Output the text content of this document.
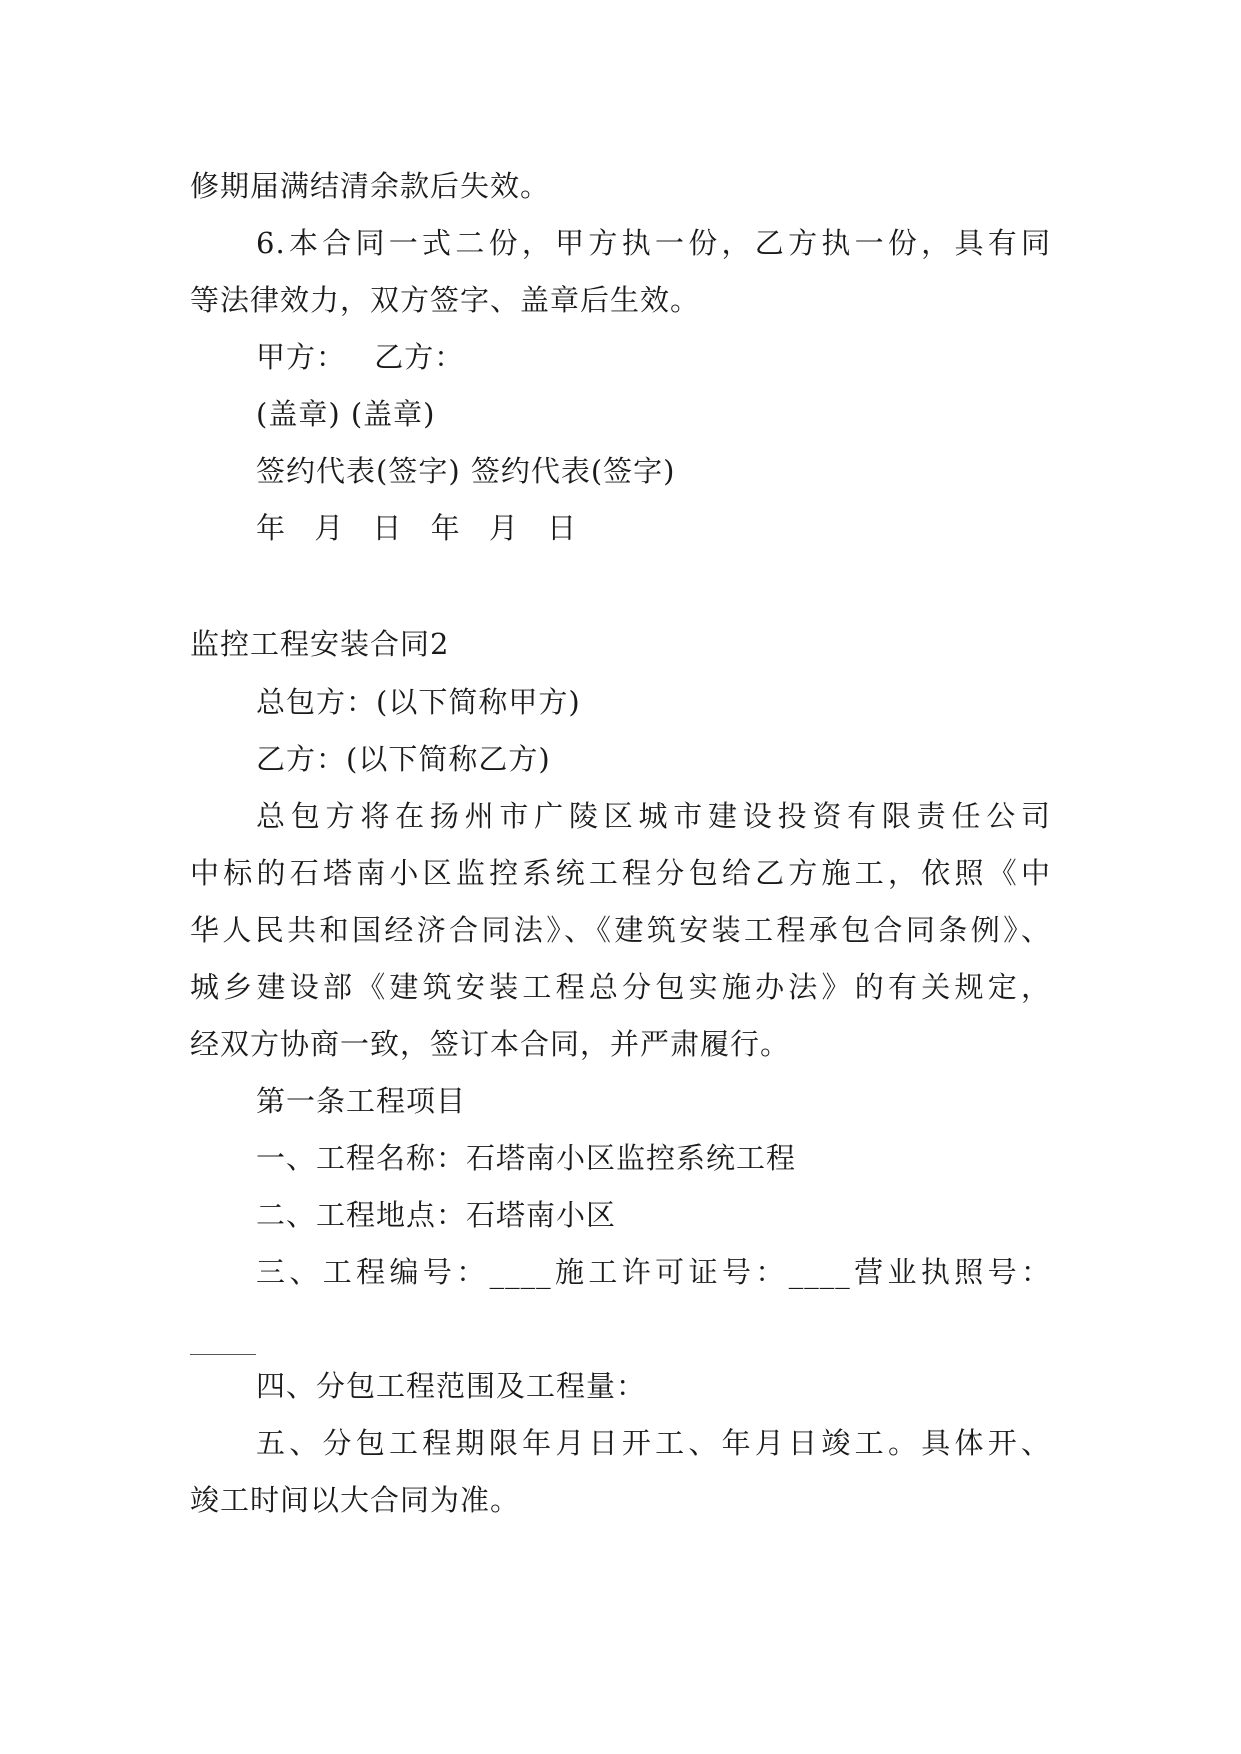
修期届满结清余款后失效。
6.本合同一式二份，甲方执一份，乙方执一份，具有同
等法律效力，双方签字、盖章后生效。
甲方： 乙方：
(盖章) (盖章)
签约代表(签字) 签约代表(签字)
年 月 日 年 月 日
监控工程安装合同2
总包方：(以下简称甲方)
乙方：(以下简称乙方)
总包方将在扬州市广陵区城市建设投资有限责任公司
中标的石塔南小区监控系统工程分包给乙方施工，依照《中
华人民共和国经济合同法》、《建筑安装工程承包合同条例》、
城乡建设部《建筑安装工程总分包实施办法》的有关规定，
经双方协商一致，签订本合同，并严肃履行。
第一条工程项目
一、工程名称：石塔南小区监控系统工程
二、工程地点：石塔南小区
三、工程编号：____施工许可证号：____营业执照号：
四、分包工程范围及工程量：
五、分包工程期限年月日开工、年月日竣工。具体开、
竣工时间以大合同为准。
